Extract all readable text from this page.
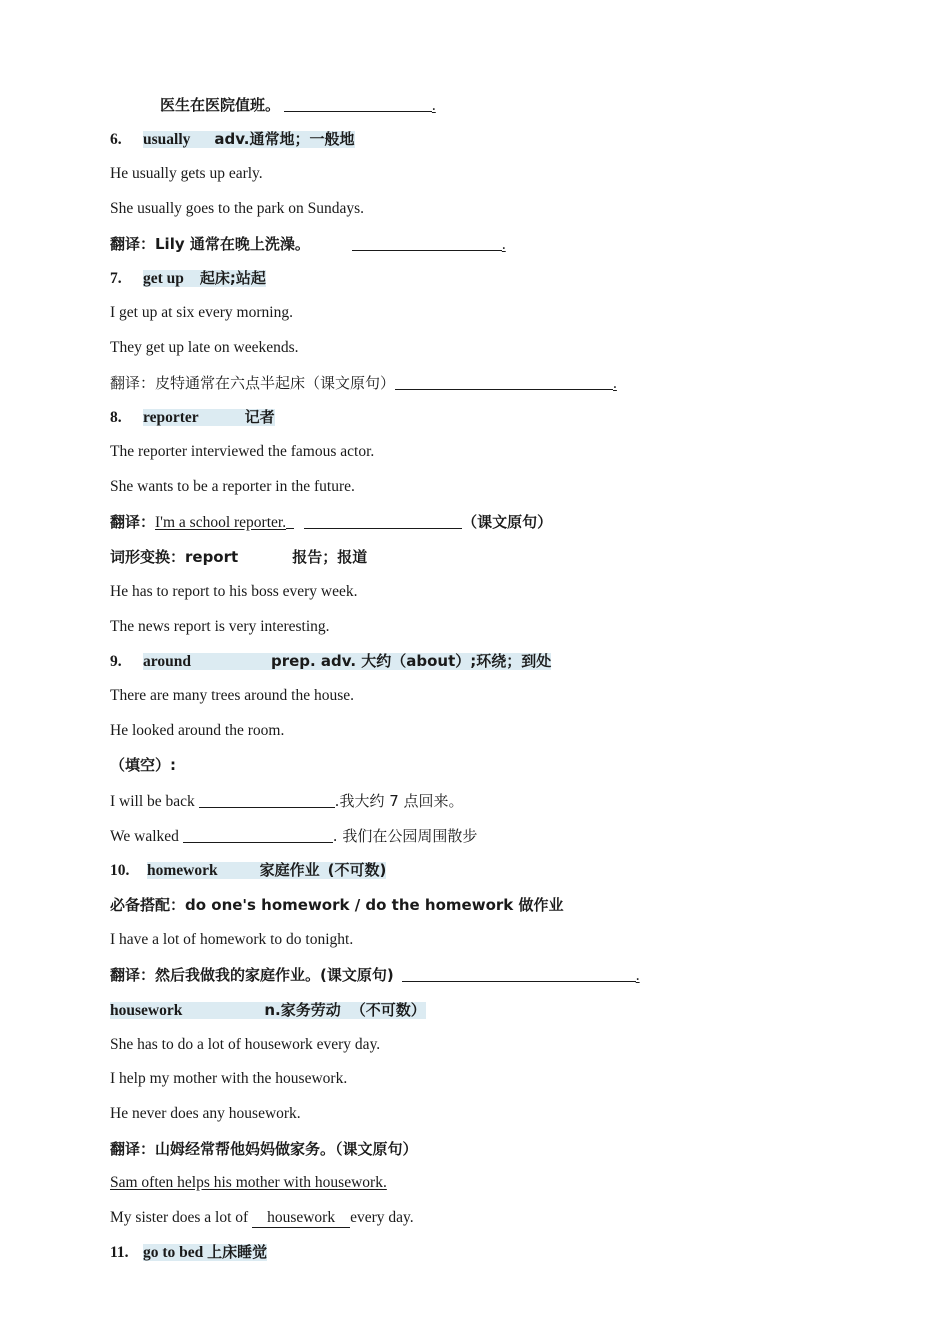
医生在医院值班。	.
6. usually adv.通常地；一般地
He usually gets up early.
She usually goes to the park on Sundays.
翻译：Lily 通常在晚上洗澡。	.
7. get up 起床;站起
I get up at six every morning.
They get up late on weekends.
翻译：皮特通常在六点半起床（课文原句）	.
8. reporter	记者
The reporter interviewed the famous actor.
She wants to be a reporter in the future.
翻译：I'm a school reporter.	（课文原句）
词形变换：report	报告；报道
He has to report to his boss every week.
The news report is very interesting.
9. around	prep. adv. 大约（about）;环绕；到处
There are many trees around the house.
He looked around the room.
（填空）:
I will be back	.我大约 7 点回来。
We walked	. 我们在公园周围散步
10. homework	家庭作业 (不可数)
必备搭配：do one's homework / do the homework 做作业
I have a lot of homework to do tonight.
翻译：然后我做我的家庭作业。(课文原句)	.
housework	n.家务劳动 （不可数）
She has to do a lot of housework every day.
I help my mother with the housework.
He never does any housework.
翻译：山姆经常帮他妈妈做家务。（课文原句）
Sam often helps his mother with housework.
My sister does a lot of housework every day.
11. go to bed 上床睡觉
